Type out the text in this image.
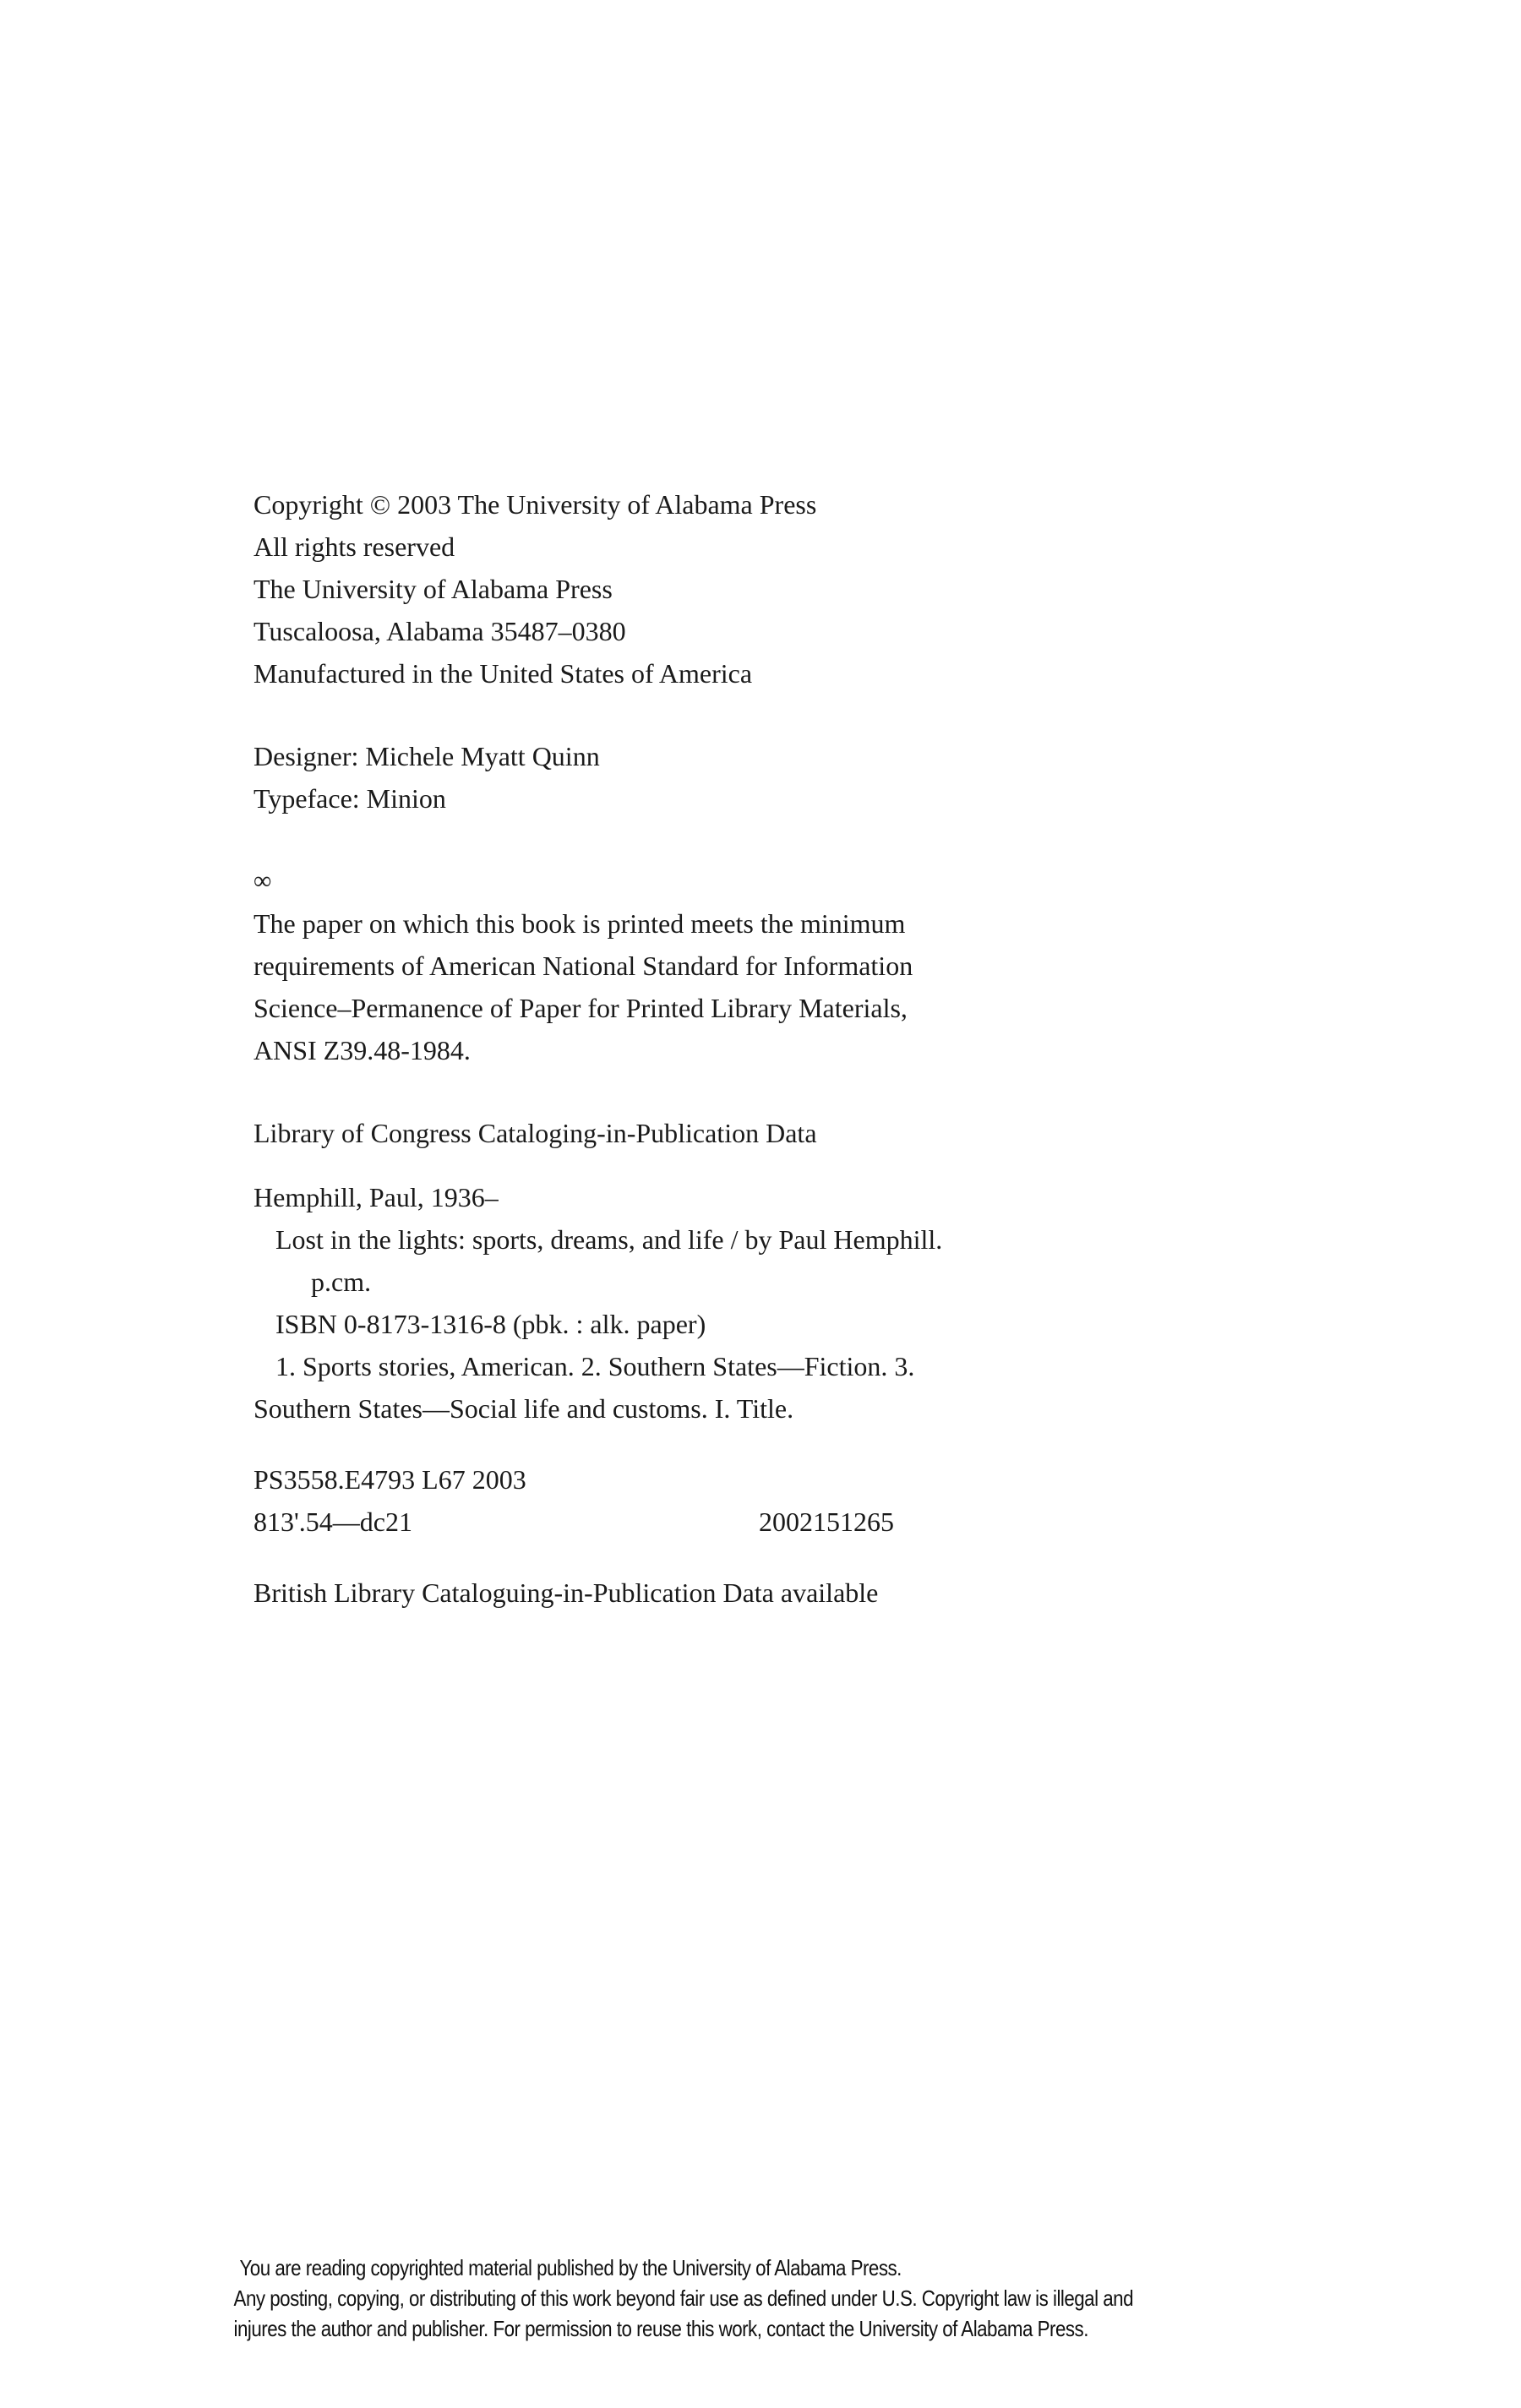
Copyright © 2003 The University of Alabama Press
All rights reserved
The University of Alabama Press
Tuscaloosa, Alabama 35487–0380
Manufactured in the United States of America
Designer: Michele Myatt Quinn
Typeface: Minion
∞
The paper on which this book is printed meets the minimum
requirements of American National Standard for Information
Science–Permanence of Paper for Printed Library Materials,
ANSI Z39.48-1984.
Library of Congress Cataloging-in-Publication Data
Hemphill, Paul, 1936–
Lost in the lights: sports, dreams, and life / by Paul Hemphill.
p.cm.
ISBN 0-8173-1316-8 (pbk. : alk. paper)
1. Sports stories, American. 2. Southern States—Fiction. 3.
Southern States—Social life and customs. I. Title.
PS3558.E4793 L67 2003
813'.54—dc21	2002151265
British Library Cataloguing-in-Publication Data available
You are reading copyrighted material published by the University of Alabama Press.
Any posting, copying, or distributing of this work beyond fair use as defined under U.S. Copyright law is illegal and
injures the author and publisher. For permission to reuse this work, contact the University of Alabama Press.
